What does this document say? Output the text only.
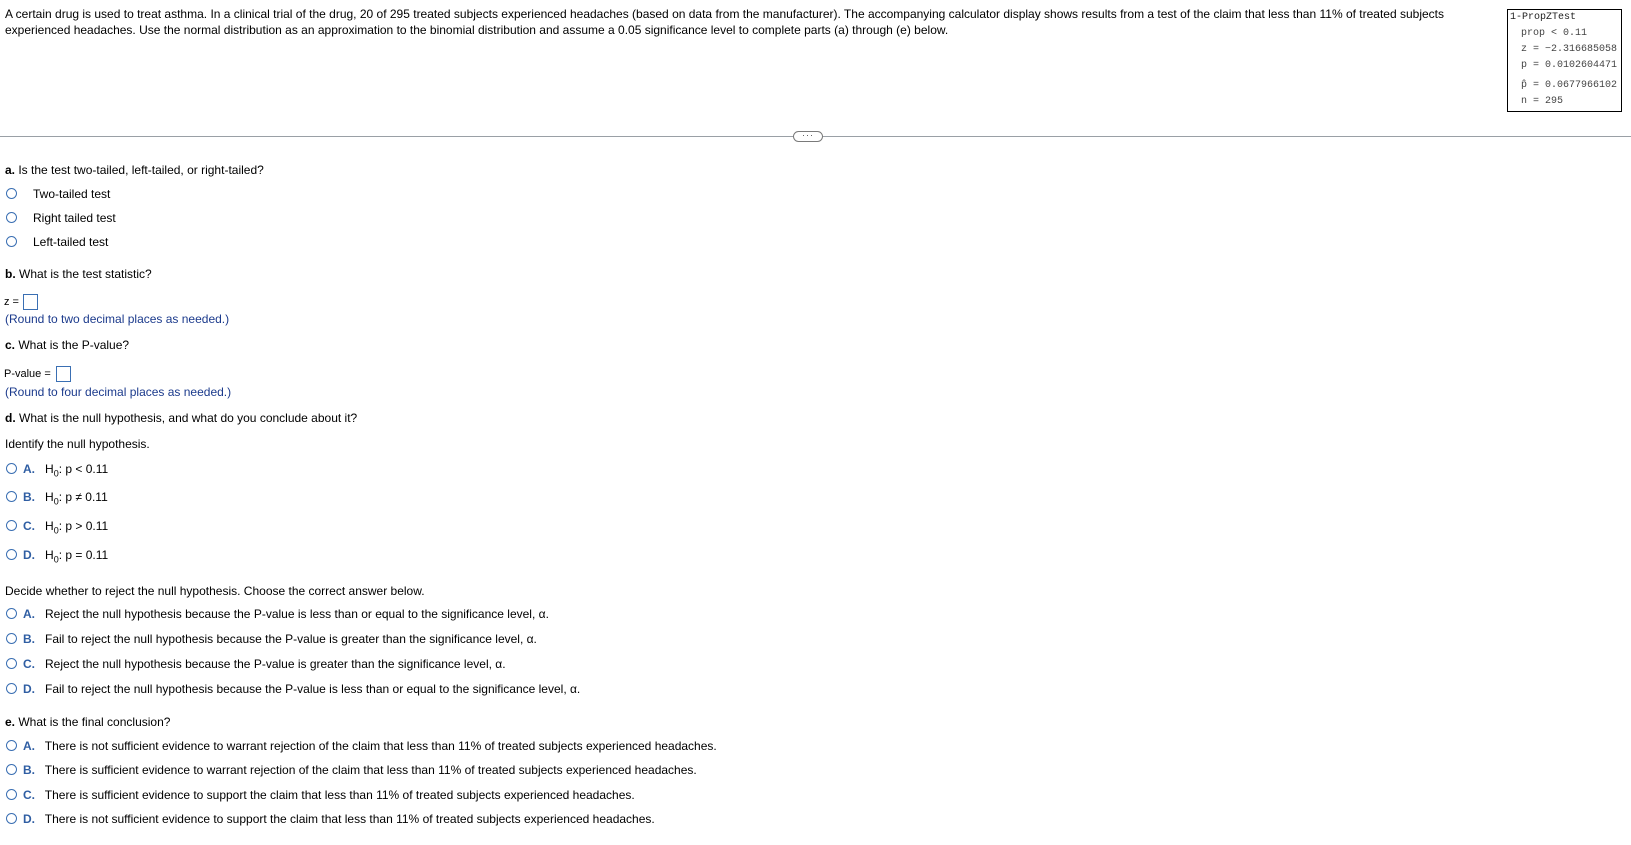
A certain drug is used to treat asthma. In a clinical trial of the drug, 20 of 295 treated subjects experienced headaches (based on data from the manufacturer). The accompanying calculator display shows results from a test of the claim that less than 11% of treated subjects experienced headaches. Use the normal distribution as an approximation to the binomial distribution and assume a 0.05 significance level to complete parts (a) through (e) below.
1-PropZTest
prop < 0.11
z = −2.316685058
p = 0.0102604471
p̂ = 0.0677966102
n = 295
···
a. Is the test two-tailed, left-tailed, or right-tailed?
Two-tailed test
Right tailed test
Left-tailed test
b. What is the test statistic?
z =
(Round to two decimal places as needed.)
c. What is the P-value?
P-value =
(Round to four decimal places as needed.)
d. What is the null hypothesis, and what do you conclude about it?
Identify the null hypothesis.
A. $H_0$: p < 0.11
B. $H_0$: p ≠ 0.11
C. $H_0$: p > 0.11
D. $H_0$: p = 0.11
Decide whether to reject the null hypothesis. Choose the correct answer below.
A. Reject the null hypothesis because the P-value is less than or equal to the significance level, α.
B. Fail to reject the null hypothesis because the P-value is greater than the significance level, α.
C. Reject the null hypothesis because the P-value is greater than the significance level, α.
D. Fail to reject the null hypothesis because the P-value is less than or equal to the significance level, α.
e. What is the final conclusion?
A. There is not sufficient evidence to warrant rejection of the claim that less than 11% of treated subjects experienced headaches.
B. There is sufficient evidence to warrant rejection of the claim that less than 11% of treated subjects experienced headaches.
C. There is sufficient evidence to support the claim that less than 11% of treated subjects experienced headaches.
D. There is not sufficient evidence to support the claim that less than 11% of treated subjects experienced headaches.
